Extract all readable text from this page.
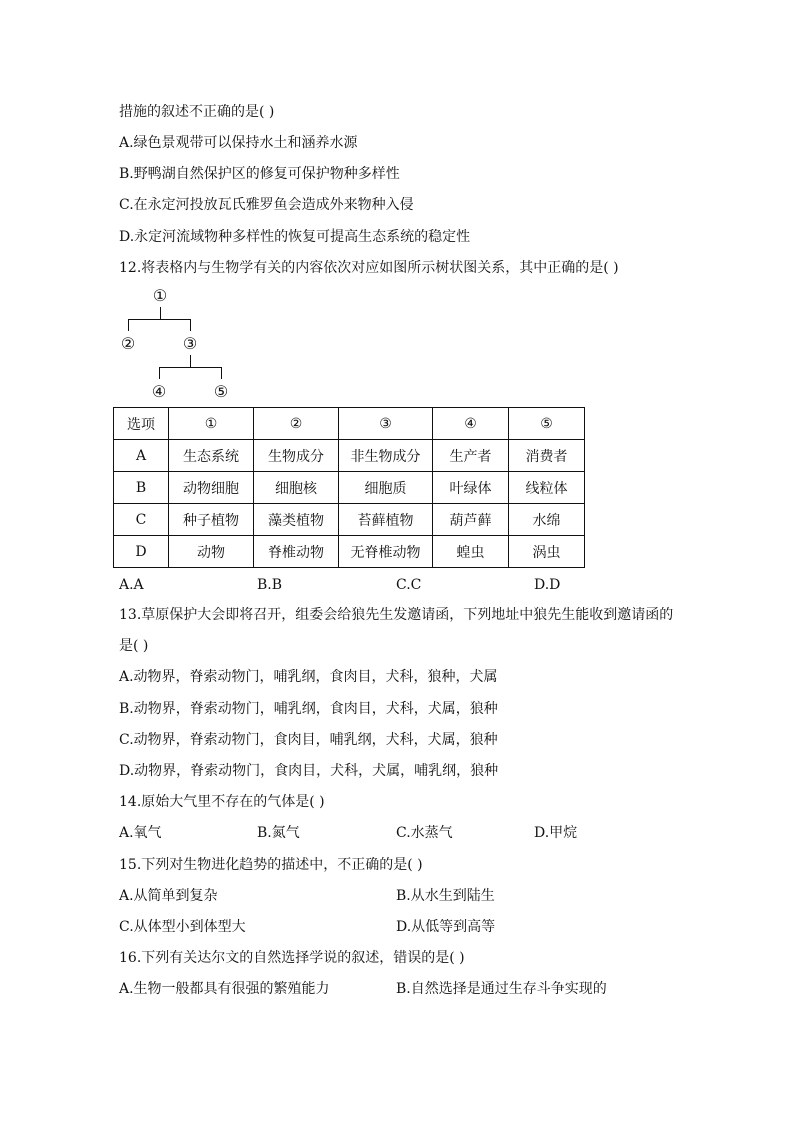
措施的叙述不正确的是( )
A.绿色景观带可以保持水土和涵养水源
B.野鸭湖自然保护区的修复可保护物种多样性
C.在永定河投放瓦氏雅罗鱼会造成外来物种入侵
D.永定河流域物种多样性的恢复可提高生态系统的稳定性
12.将表格内与生物学有关的内容依次对应如图所示树状图关系，其中正确的是( )
①
②	③
④	⑤
选项	①	②	③	④	⑤
A	生态系统	生物成分	非生物成分	生产者	消费者
B	动物细胞	细胞核	细胞质	叶绿体	线粒体
C	种子植物	藻类植物	苔藓植物	葫芦藓	水绵
D	动物	脊椎动物	无脊椎动物	蝗虫	涡虫
A.A	B.B	C.C	D.D
13.草原保护大会即将召开，组委会给狼先生发邀请函，下列地址中狼先生能收到邀请函的
是( )
A.动物界，脊索动物门，哺乳纲，食肉目，犬科，狼种，犬属
B.动物界，脊索动物门，哺乳纲，食肉目，犬科，犬属，狼种
C.动物界，脊索动物门，食肉目，哺乳纲，犬科，犬属，狼种
D.动物界，脊索动物门，食肉目，犬科，犬属，哺乳纲，狼种
14.原始大气里不存在的气体是( )
A.氧气	B.氮气	C.水蒸气	D.甲烷
15.下列对生物进化趋势的描述中，不正确的是( )
A.从简单到复杂	B.从水生到陆生
C.从体型小到体型大	D.从低等到高等
16.下列有关达尔文的自然选择学说的叙述，错误的是( )
A.生物一般都具有很强的繁殖能力	B.自然选择是通过生存斗争实现的
